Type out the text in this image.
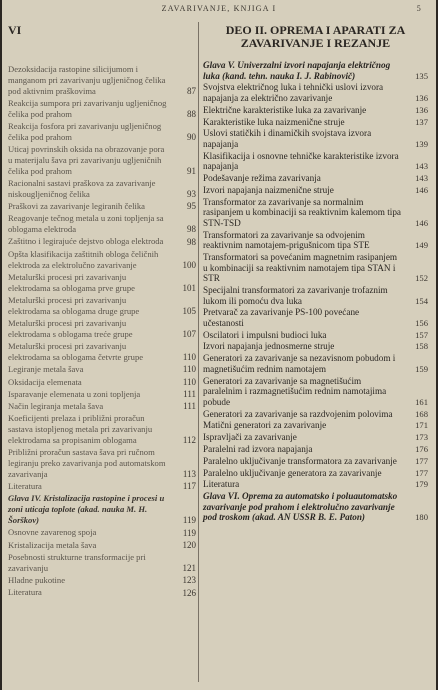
ZAVARIVANJE, KNJIGA I	5
VI
Dezoksidacija rastopine silicijumom i manganom pri zavarivanju ugljeničnog čelika pod aktivnim praškovima	87
Reakcija sumpora pri zavarivanju ugljeničnog čelika pod prahom	88
Reakcija fosfora pri zavarivanju ugljeničnog čelika pod prahom	90
Uticaj povrinskih oksida na obrazovanje pora u materijalu šava pri zavarivanju ugljeničnih čelika pod prahom	91
Racionalni sastavi praškova za zavarivanje niskougljeničnog čelika	93
Praškovi za zavarivanje legiranih čelika	95
Reagovanje tečnog metala u zoni topljenja sa oblogama elektroda	98
Zaštitno i legirajuće dejstvo obloga elektroda	98
Opšta klasifikacija zaštitnih obloga čeličnih elektroda za elektrolučno zavarivanje	100
Metalurški procesi pri zavarivanju elektrodama sa oblogama prve grupe	101
Metalurški procesi pri zavarivanju elektrodama sa oblogama druge grupe	105
Metalurški procesi pri zavarivanju elektrodama s oblogama treće grupe	107
Metalurški procesi pri zavarivanju elektrodama sa oblogama četvrte grupe	110
Legiranje metala šava	110
Oksidacija elemenata	110
Isparavanje elemenata u zoni topljenja	111
Način legiranja metala šava	111
Koeficijenti prelaza i približni proračun sastava istopljenog metala pri zavarivanju elektrodama sa propisanim oblogama	112
Približni proračun sastava šava pri ručnom legiranju preko zavarivanja pod automatskom zavarivanja	113
Literatura	117
Glava IV. Kristalizacija rastopine i procesi u zoni uticaja toplote (akad. nauka M. H. Šorškov)	119
Osnovne zavarenog spoja	119
Kristalizacija metala šava	120
Posebnosti strukturne transformacije pri zavarivanju	121
Hladne pukotine	123
Literatura	126
DEO II. OPREMA I APARATI ZA ZAVARIVANJE I REZANJE
Glava V. Univerzalni izvori napajanja električnog luka (kand. tehn. nauka I. J. Rabinovič)	135
Svojstva električnog luka i tehnički uslovi izvora napajanja za električno zavarivanje	136
Električne karakteristike luka za zavarivanje	136
Karakteristike luka naizmenične struje	137
Uslovi statičkih i dinamičkih svojstava izvora napajanja	139
Klasifikacija i osnovne tehničke karakteristike izvora napajanja	143
Podešavanje režima zavarivanja	143
Izvori napajanja naizmenične struje	146
Transformator za zavarivanje sa normalnim rasipanjem u kombinaciji sa reaktivnim kalemom tipa STN-TSD	146
Transformatori za zavarivanje sa odvojenim reaktivnim namotajem-prigušnicom tipa STE	149
Transformatori sa povećanim magnetnim rasipanjem u kombinaciji sa reaktivnim namotajem tipa STAN i STR	152
Specijalni transformatori za zavarivanje trofaznim lukom ili pomoću dva luka	154
Pretvarač za zavarivanje PS-100 povećane učestanosti	156
Oscilatori i impulsni budioci luka	157
Izvori napajanja jednosmerne struje	158
Generatori za zavarivanje sa nezavisnom pobudom i magnetišućim rednim namotajem	159
Generatori za zavarivanje sa magnetišućim paralelnim i razmagnetišućim rednim namotajima pobude	161
Generatori za zavarivanje sa razdvojenim polovima	168
Matični generatori za zavarivanje	171
Ispravljači za zavarivanje	173
Paralelni rad izvora napajanja	176
Paralelno uključivanje transformatora za zavarivanje	177
Paralelno uključivanje generatora za zavarivanje	177
Literatura	179
Glava VI. Oprema za automatsko i poluautomatsko zavarivanje pod prahom i elektrolučno zavarivanje pod troskom (akad. AN USSR B. E. Paton)	180
